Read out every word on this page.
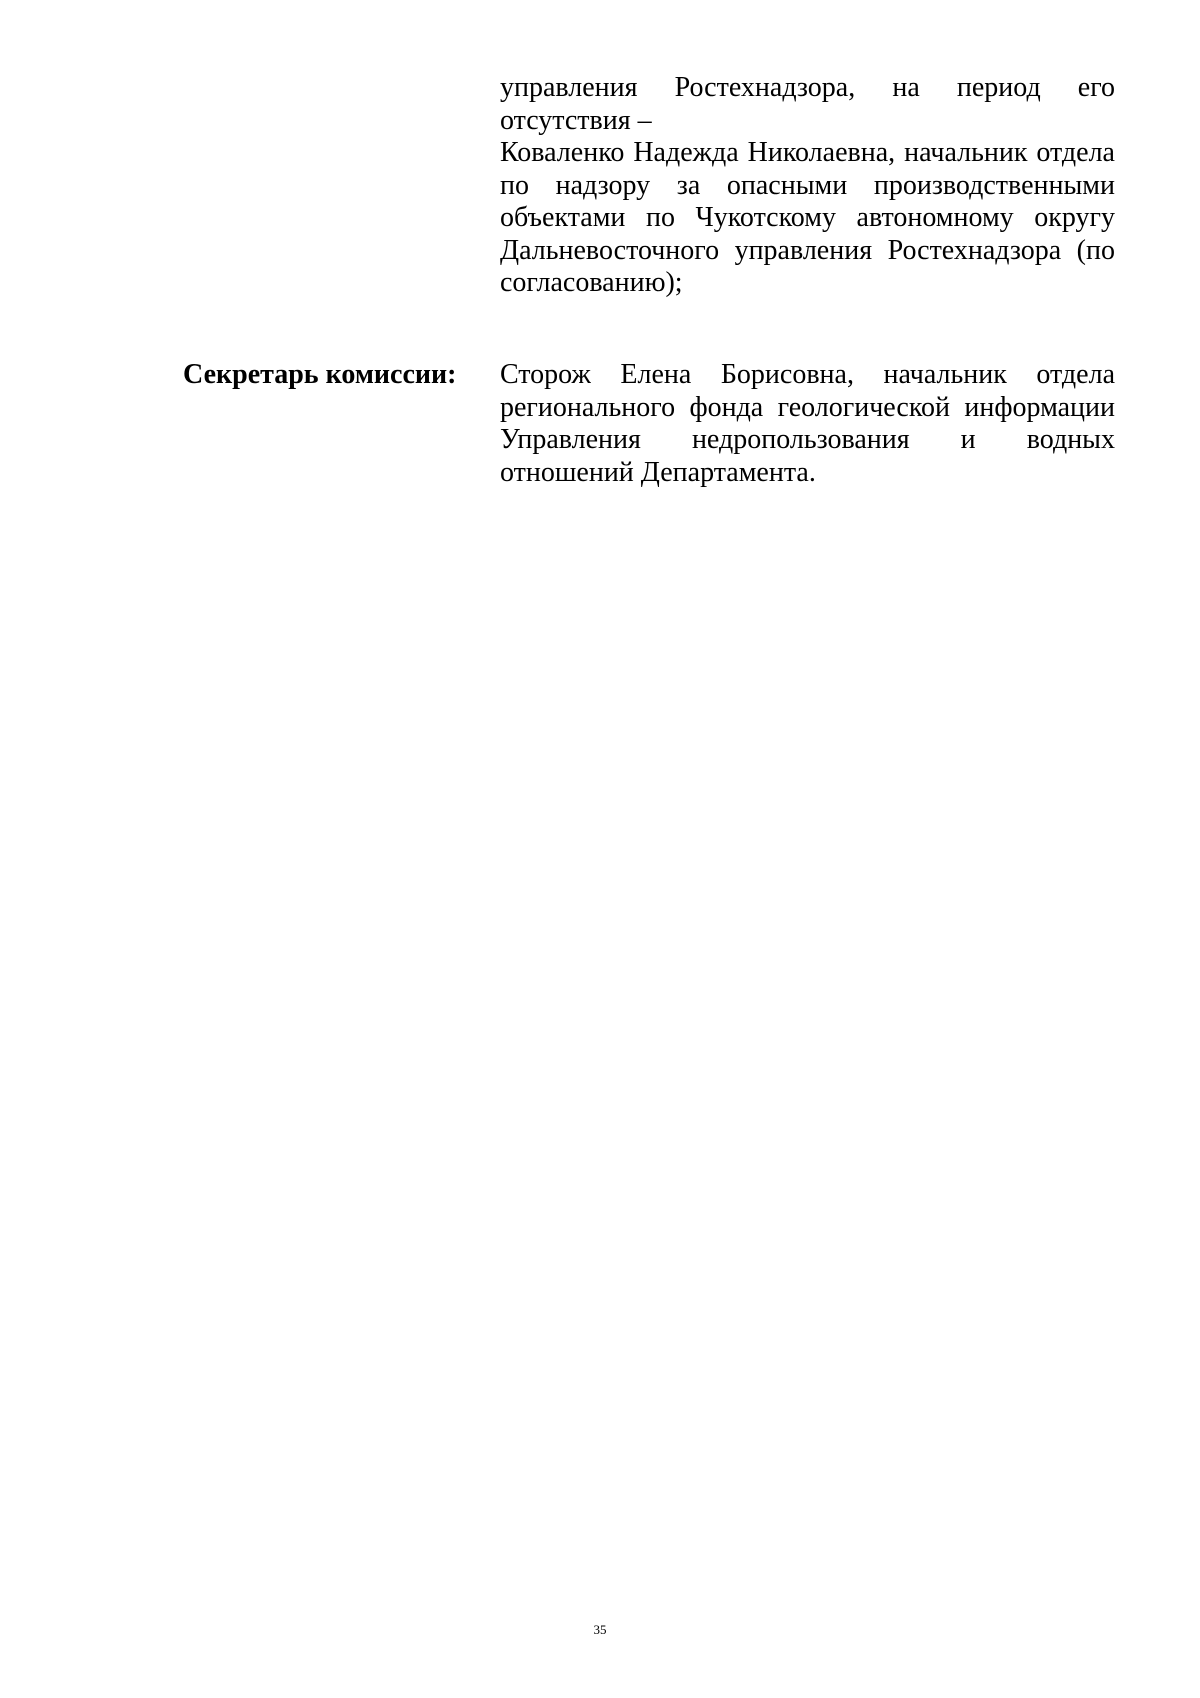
управления Ростехнадзора, на период его отсутствия –

Коваленко Надежда Николаевна, начальник отдела по надзору за опасными производственными объектами по Чукотскому автономному округу Дальневосточного управления Ростехнадзора (по согласованию);

Секретарь комиссии: Сторож Елена Борисовна, начальник отдела регионального фонда геологической информации Управления недропользования и водных отношений Департамента.

35
